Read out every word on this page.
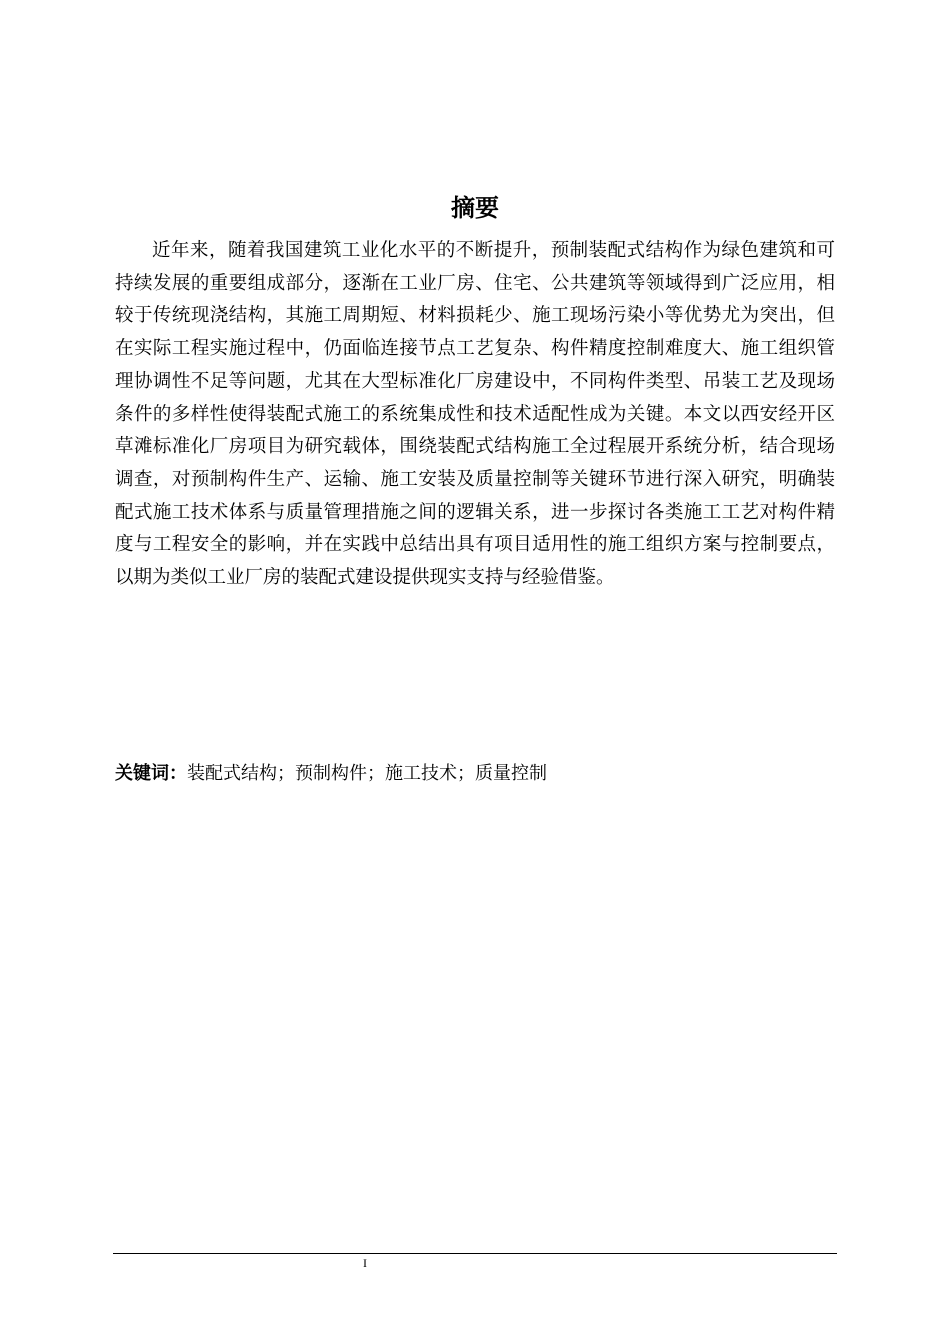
摘要

近年来，随着我国建筑工业化水平的不断提升，预制装配式结构作为绿色建筑和可持续发展的重要组成部分，逐渐在工业厂房、住宅、公共建筑等领域得到广泛应用，相较于传统现浇结构，其施工周期短、材料损耗少、施工现场污染小等优势尤为突出，但在实际工程实施过程中，仍面临连接节点工艺复杂、构件精度控制难度大、施工组织管理协调性不足等问题，尤其在大型标准化厂房建设中，不同构件类型、吊装工艺及现场条件的多样性使得装配式施工的系统集成性和技术适配性成为关键。本文以西安经开区草滩标准化厂房项目为研究载体，围绕装配式结构施工全过程展开系统分析，结合现场调查，对预制构件生产、运输、施工安装及质量控制等关键环节进行深入研究，明确装配式施工技术体系与质量管理措施之间的逻辑关系，进一步探讨各类施工工艺对构件精度与工程安全的影响，并在实践中总结出具有项目适用性的施工组织方案与控制要点，以期为类似工业厂房的装配式建设提供现实支持与经验借鉴。

关键词：装配式结构；预制构件；施工技术；质量控制

I
